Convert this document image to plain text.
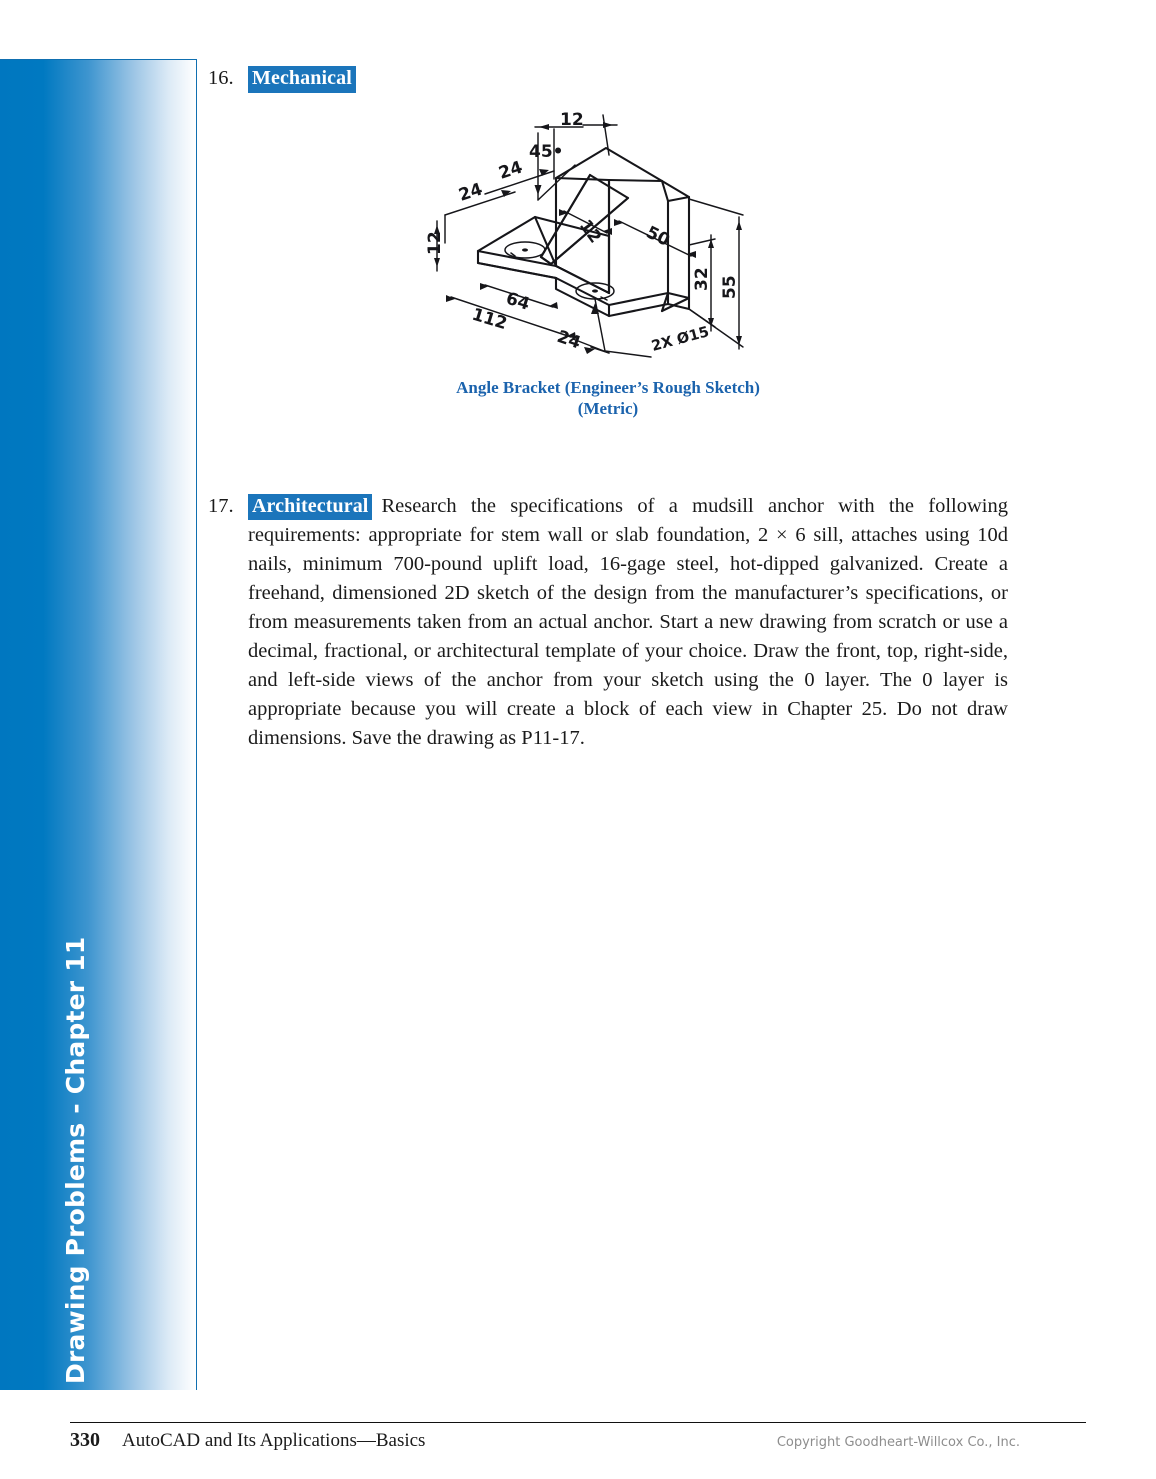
Drawing Problems - Chapter 11
16. Mechanical
12
45•
24
24
12	12 50
64
112
24
32 55
2X Ø15
Angle Bracket (Engineer’s Rough Sketch)
(Metric)
17. Architectural Research the specifications of a mudsill anchor with the following requirements: appropriate for stem wall or slab foundation, 2 × 6 sill, attaches using 10d nails, minimum 700-pound uplift load, 16-gage steel, hot-dipped galvanized. Create a freehand, dimensioned 2D sketch of the design from the manufacturer’s specifications, or from measurements taken from an actual anchor. Start a new drawing from scratch or use a decimal, fractional, or architectural template of your choice. Draw the front, top, right-side, and left-side views of the anchor from your sketch using the 0 layer. The 0 layer is appropriate because you will create a block of each view in Chapter 25. Do not draw dimensions. Save the drawing as P11-17.
330 AutoCAD and Its Applications—Basics	Copyright Goodheart-Willcox Co., Inc.
